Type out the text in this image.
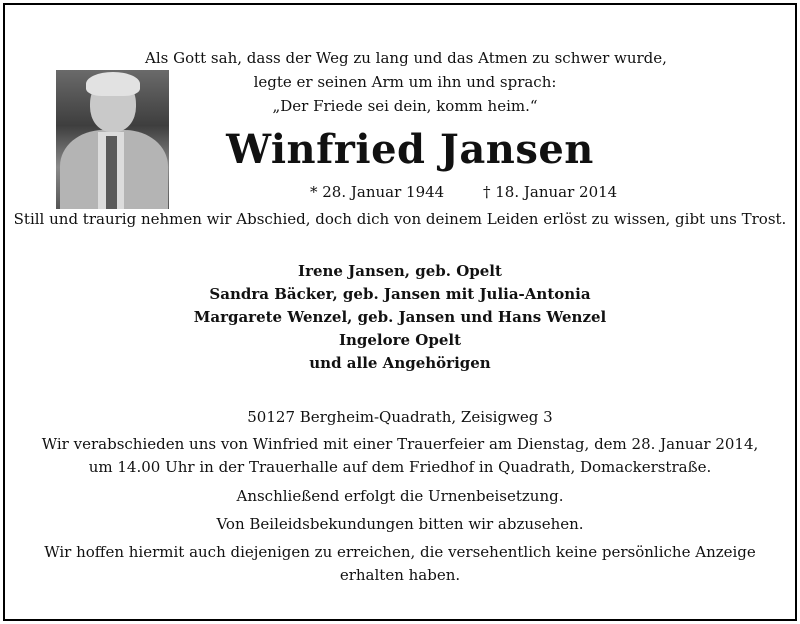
Als Gott sah, dass der Weg zu lang und das Atmen zu schwer wurde,
legte er seinen Arm um ihn und sprach:
„Der Friede sei dein, komm heim.“
Winfried Jansen
* 28. Januar 1944	† 18. Januar 2014
Still und traurig nehmen wir Abschied, doch dich von deinem Leiden erlöst zu wissen, gibt uns Trost.
Irene Jansen, geb. Opelt
Sandra Bäcker, geb. Jansen mit Julia-Antonia
Margarete Wenzel, geb. Jansen und Hans Wenzel
Ingelore Opelt
und alle Angehörigen
50127 Bergheim-Quadrath, Zeisigweg 3
Wir verabschieden uns von Winfried mit einer Trauerfeier am Dienstag, dem 28. Januar 2014,
um 14.00 Uhr in der Trauerhalle auf dem Friedhof in Quadrath, Domackerstraße.
Anschließend erfolgt die Urnenbeisetzung.
Von Beileidsbekundungen bitten wir abzusehen.
Wir hoffen hiermit auch diejenigen zu erreichen, die versehentlich keine persönliche Anzeige
erhalten haben.
